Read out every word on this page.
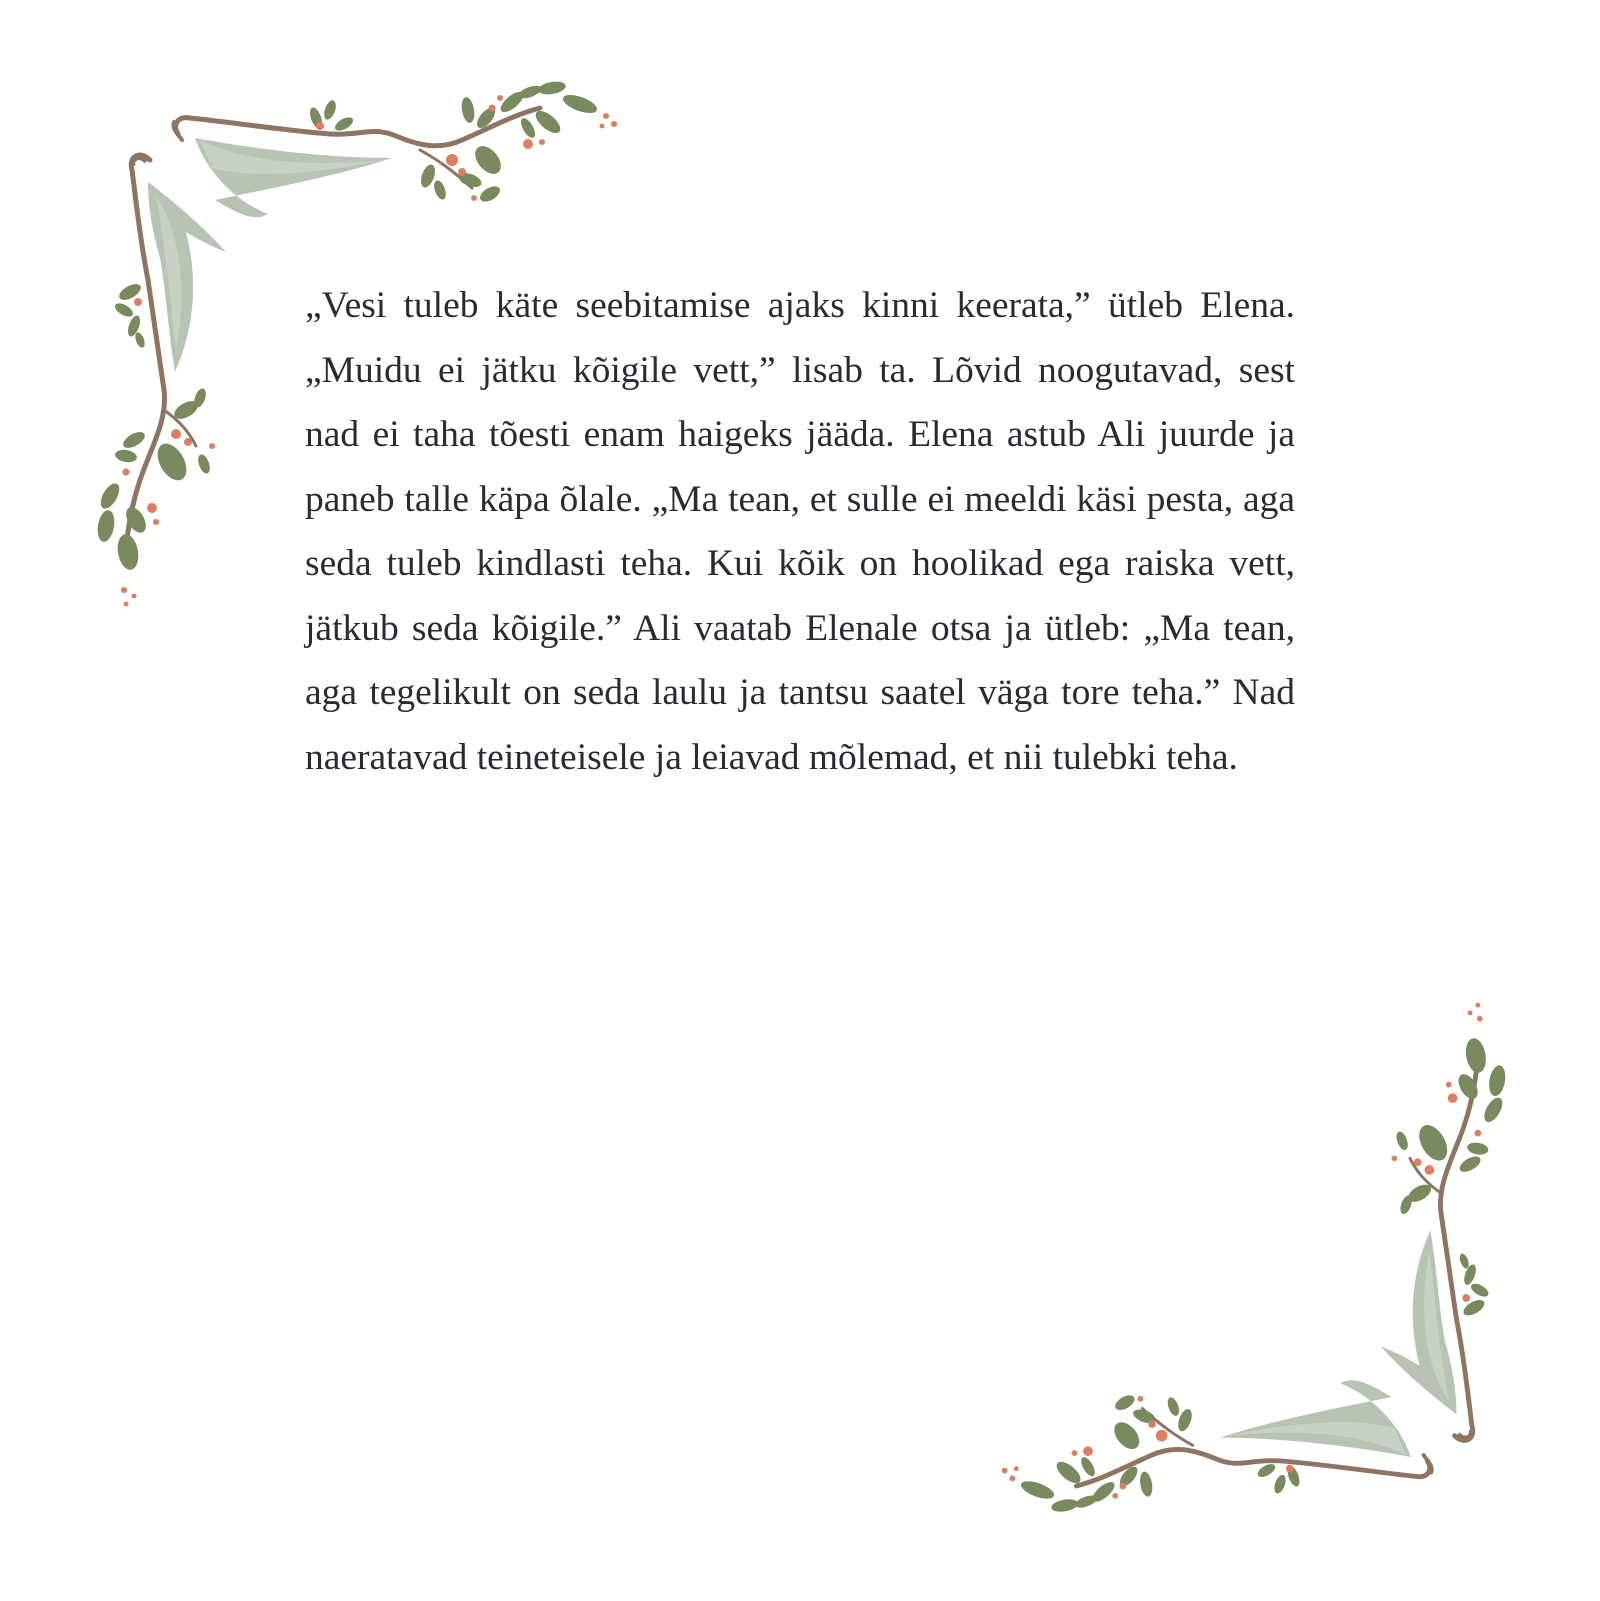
„Vesi tuleb käte seebitamise ajaks kinni keerata,” ütleb Elena. „Muidu ei jätku kõigile vett,” lisab ta. Lõvid noogutavad, sest nad ei taha tõesti enam haigeks jääda. Elena astub Ali juurde ja paneb talle käpa õlale. „Ma tean, et sulle ei meeldi käsi pesta, aga seda tuleb kindlasti teha. Kui kõik on hoolikad ega raiska vett, jätkub seda kõigile.” Ali vaatab Elenale otsa ja ütleb: „Ma tean, aga tegelikult on seda laulu ja tantsu saatel väga tore teha.” Nad naeratavad teineteisele ja leiavad mõlemad, et nii tulebki teha.
